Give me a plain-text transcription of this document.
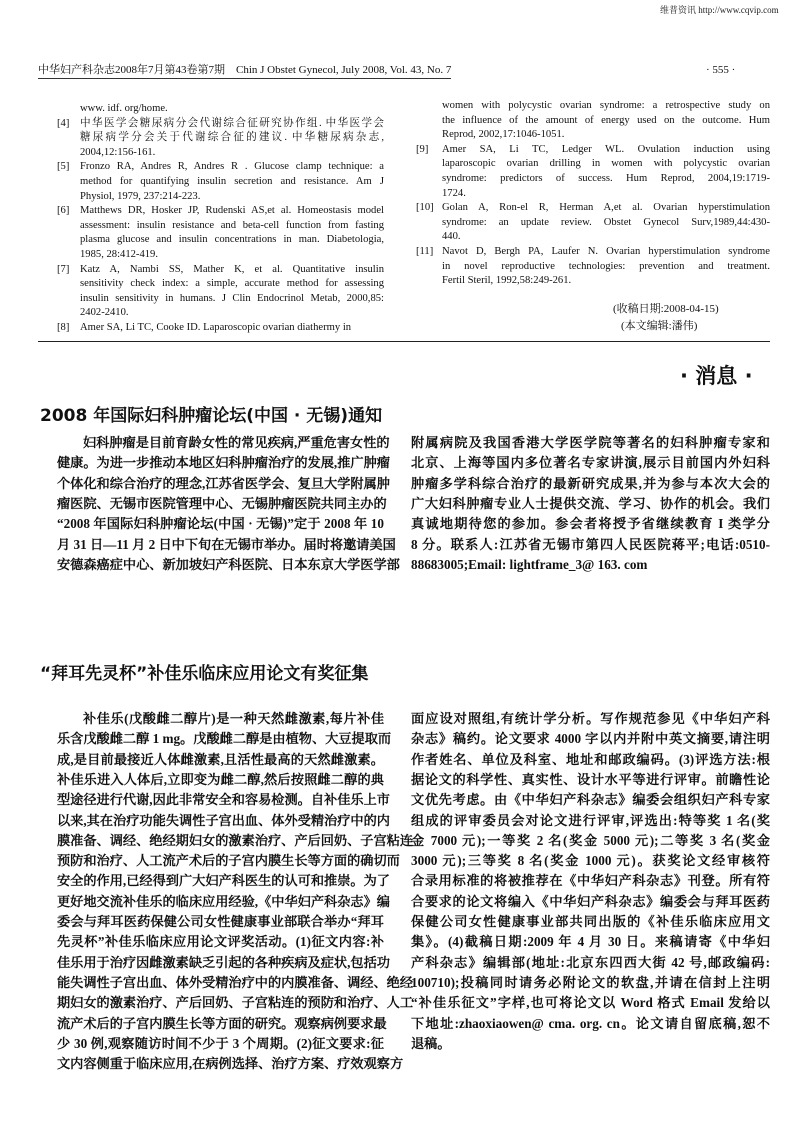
维普资讯 http://www.cqvip.com
中华妇产科杂志2008年7月第43卷第7期　Chin J Obstet Gynecol, July 2008, Vol. 43, No. 7	· 555 ·
www. idf. org/home.
[4] 中华医学会糖尿病分会代谢综合征研究协作组. 中华医学会
糖尿病学分会关于代谢综合征的建议. 中华糖尿病杂志,
2004,12:156-161.
[5] Fronzo RA, Andres R, Andres R . Glucose clamp technique: a
method for quantifying insulin secretion and resistance. Am J
Physiol, 1979, 237:214-223.
[6] Matthews DR, Hosker JP, Rudenski AS,et al. Homeostasis model
assessment: insulin resistance and beta-cell function from fasting
plasma glucose and insulin concentrations in man. Diabetologia,
1985, 28:412-419.
[7] Katz A, Nambi SS, Mather K, et al. Quantitative insulin
sensitivity check index: a simple, accurate method for assessing
insulin sensitivity in humans. J Clin Endocrinol Metab, 2000,85:
2402-2410.
[8] Amer SA, Li TC, Cooke ID. Laparoscopic ovarian diathermy in
women with polycystic ovarian syndrome: a retrospective study on
the influence of the amount of energy used on the outcome. Hum
Reprod, 2002,17:1046-1051.
[9] Amer SA, Li TC, Ledger WL. Ovulation induction using
laparoscopic ovarian drilling in women with polycystic ovarian
syndrome: predictors of success. Hum Reprod, 2004,19:1719-
1724.
[10] Golan A, Ron-el R, Herman A,et al. Ovarian hyperstimulation
syndrome: an update review. Obstet Gynecol Surv,1989,44:430-
440.
[11] Navot D, Bergh PA, Laufer N. Ovarian hyperstimulation syndrome
in novel reproductive technologies: prevention and treatment.
Fertil Steril, 1992,58:249-261.
(收稿日期:2008-04-15)
(本文编辑:潘伟)
· 消息 ·
2008 年国际妇科肿瘤论坛(中国 · 无锡)通知
妇科肿瘤是目前育龄女性的常见疾病,严重危害女性的
健康。为进一步推动本地区妇科肿瘤治疗的发展,推广肿瘤
个体化和综合治疗的理念,江苏省医学会、复旦大学附属肿
瘤医院、无锡市医院管理中心、无锡肿瘤医院共同主办的
“2008 年国际妇科肿瘤论坛(中国 · 无锡)”定于 2008 年 10
月 31 日—11 月 2 日中下旬在无锡市举办。届时将邀请美国
安德森癌症中心、新加坡妇产科医院、日本东京大学医学部
附属病院及我国香港大学医学院等著名的妇科肿瘤专家和
北京、上海等国内多位著名专家讲演,展示目前国内外妇科
肿瘤多学科综合治疗的最新研究成果,并为参与本次大会的
广大妇科肿瘤专业人士提供交流、学习、协作的机会。我们
真诚地期待您的参加。参会者将授予省继续教育 I 类学分
8 分。联系人:江苏省无锡市第四人民医院蒋平;电话:0510-
88683005;Email: lightframe_3@ 163. com
“拜耳先灵杯”补佳乐临床应用论文有奖征集
补佳乐(戊酸雌二醇片)是一种天然雌激素,每片补佳
乐含戊酸雌二醇 1 mg。戊酸雌二醇是由植物、大豆提取而
成,是目前最接近人体雌激素,且活性最高的天然雌激素。
补佳乐进入人体后,立即变为雌二醇,然后按照雌二醇的典
型途径进行代谢,因此非常安全和容易检测。自补佳乐上市
以来,其在治疗功能失调性子宫出血、体外受精治疗中的内
膜准备、调经、绝经期妇女的激素治疗、产后回奶、子宫粘连
预防和治疗、人工流产术后的子宫内膜生长等方面的确切而
安全的作用,已经得到广大妇产科医生的认可和推崇。为了
更好地交流补佳乐的临床应用经验,《中华妇产科杂志》编
委会与拜耳医药保健公司女性健康事业部联合举办“拜耳
先灵杯”补佳乐临床应用论文评奖活动。(1)征文内容:补
佳乐用于治疗因雌激素缺乏引起的各种疾病及症状,包括功
能失调性子宫出血、体外受精治疗中的内膜准备、调经、绝经
期妇女的激素治疗、产后回奶、子宫粘连的预防和治疗、人工
流产术后的子宫内膜生长等方面的研究。观察病例要求最
少 30 例,观察随访时间不少于 3 个周期。(2)征文要求:征
文内容侧重于临床应用,在病例选择、治疗方案、疗效观察方
面应设对照组,有统计学分析。写作规范参见《中华妇产科
杂志》稿约。论文要求 4000 字以内并附中英文摘要,请注明
作者姓名、单位及科室、地址和邮政编码。(3)评选方法:根
据论文的科学性、真实性、设计水平等进行评审。前瞻性论
文优先考虑。由《中华妇产科杂志》编委会组织妇产科专家
组成的评审委员会对论文进行评审,评选出:特等奖 1 名(奖
金 7000 元);一等奖 2 名(奖金 5000 元);二等奖 3 名(奖金
3000 元);三等奖 8 名(奖金 1000 元)。获奖论文经审核符
合录用标准的将被推荐在《中华妇产科杂志》刊登。所有符
合要求的论文将编入《中华妇产科杂志》编委会与拜耳医药
保健公司女性健康事业部共同出版的《补佳乐临床应用文
集》。(4)截稿日期:2009 年 4 月 30 日。来稿请寄《中华妇
产科杂志》编辑部(地址:北京东四西大街 42 号,邮政编码:
100710);投稿同时请务必附论文的软盘,并请在信封上注明
“补佳乐征文”字样,也可将论文以 Word 格式 Email 发给以
下地址:zhaoxiaowen@ cma. org. cn。论文请自留底稿,恕不
退稿。
